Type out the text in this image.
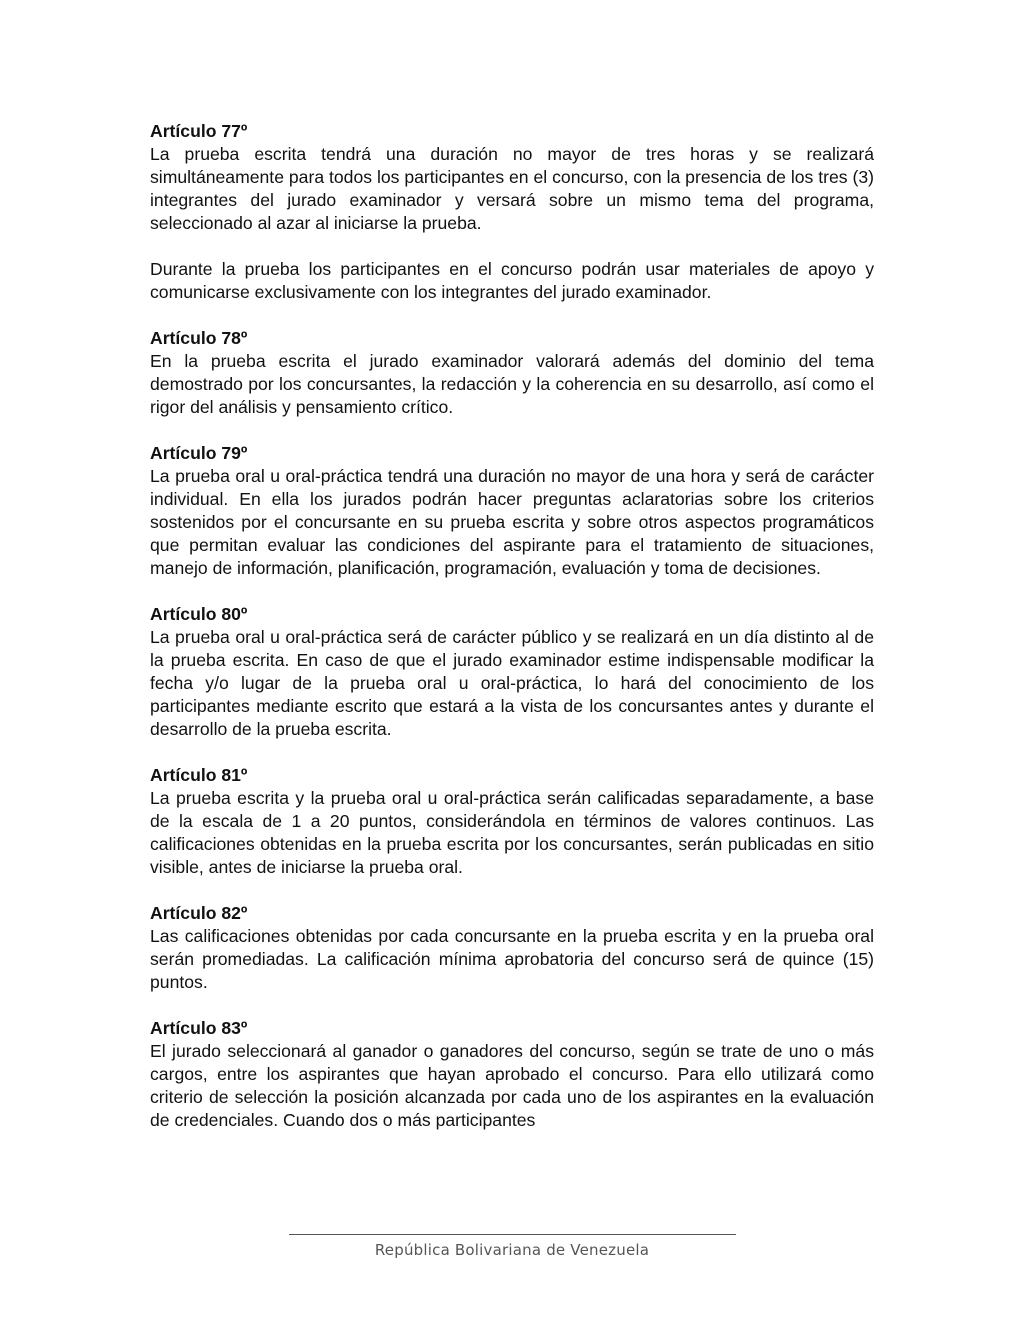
Artículo 77º

La prueba escrita tendrá una duración no mayor de tres horas y se realizará simultáneamente para todos los participantes en el concurso, con la presencia de los tres (3) integrantes del jurado examinador y versará sobre un mismo tema del programa, seleccionado al azar al iniciarse la prueba.

Durante la prueba los participantes en el concurso podrán usar materiales de apoyo y comunicarse exclusivamente con los integrantes del jurado examinador.

Artículo 78º

En la prueba escrita el jurado examinador valorará además del dominio del tema demostrado por los concursantes, la redacción y la coherencia en su desarrollo, así como el rigor del análisis y pensamiento crítico.

Artículo 79º

La prueba oral u oral-práctica tendrá una duración no mayor de una hora y será de carácter individual. En ella los jurados podrán hacer preguntas aclaratorias sobre los criterios sostenidos por el concursante en su prueba escrita y sobre otros aspectos programáticos que permitan evaluar las condiciones del aspirante para el tratamiento de situaciones, manejo de información, planificación, programación, evaluación y toma de decisiones.

Artículo 80º

La prueba oral u oral-práctica será de carácter público y se realizará en un día distinto al de la prueba escrita. En caso de que el jurado examinador estime indispensable modificar la fecha y/o lugar de la prueba oral u oral-práctica, lo hará del conocimiento de los participantes mediante escrito que estará a la vista de los concursantes antes y durante el desarrollo de la prueba escrita.

Artículo 81º

La prueba escrita y la prueba oral u oral-práctica serán calificadas separadamente, a base de la escala de 1 a 20 puntos, considerándola en términos de valores continuos. Las calificaciones obtenidas en la prueba escrita por los concursantes, serán publicadas en sitio visible, antes de iniciarse la prueba oral.

Artículo 82º

Las calificaciones obtenidas por cada concursante en la prueba escrita y en la prueba oral serán promediadas. La calificación mínima aprobatoria del concurso será de quince (15) puntos.

Artículo 83º

El jurado seleccionará al ganador o ganadores del concurso, según se trate de uno o más cargos, entre los aspirantes que hayan aprobado el concurso. Para ello utilizará como criterio de selección la posición alcanzada por cada uno de los aspirantes en la evaluación de credenciales. Cuando dos o más participantes

República Bolivariana de Venezuela
